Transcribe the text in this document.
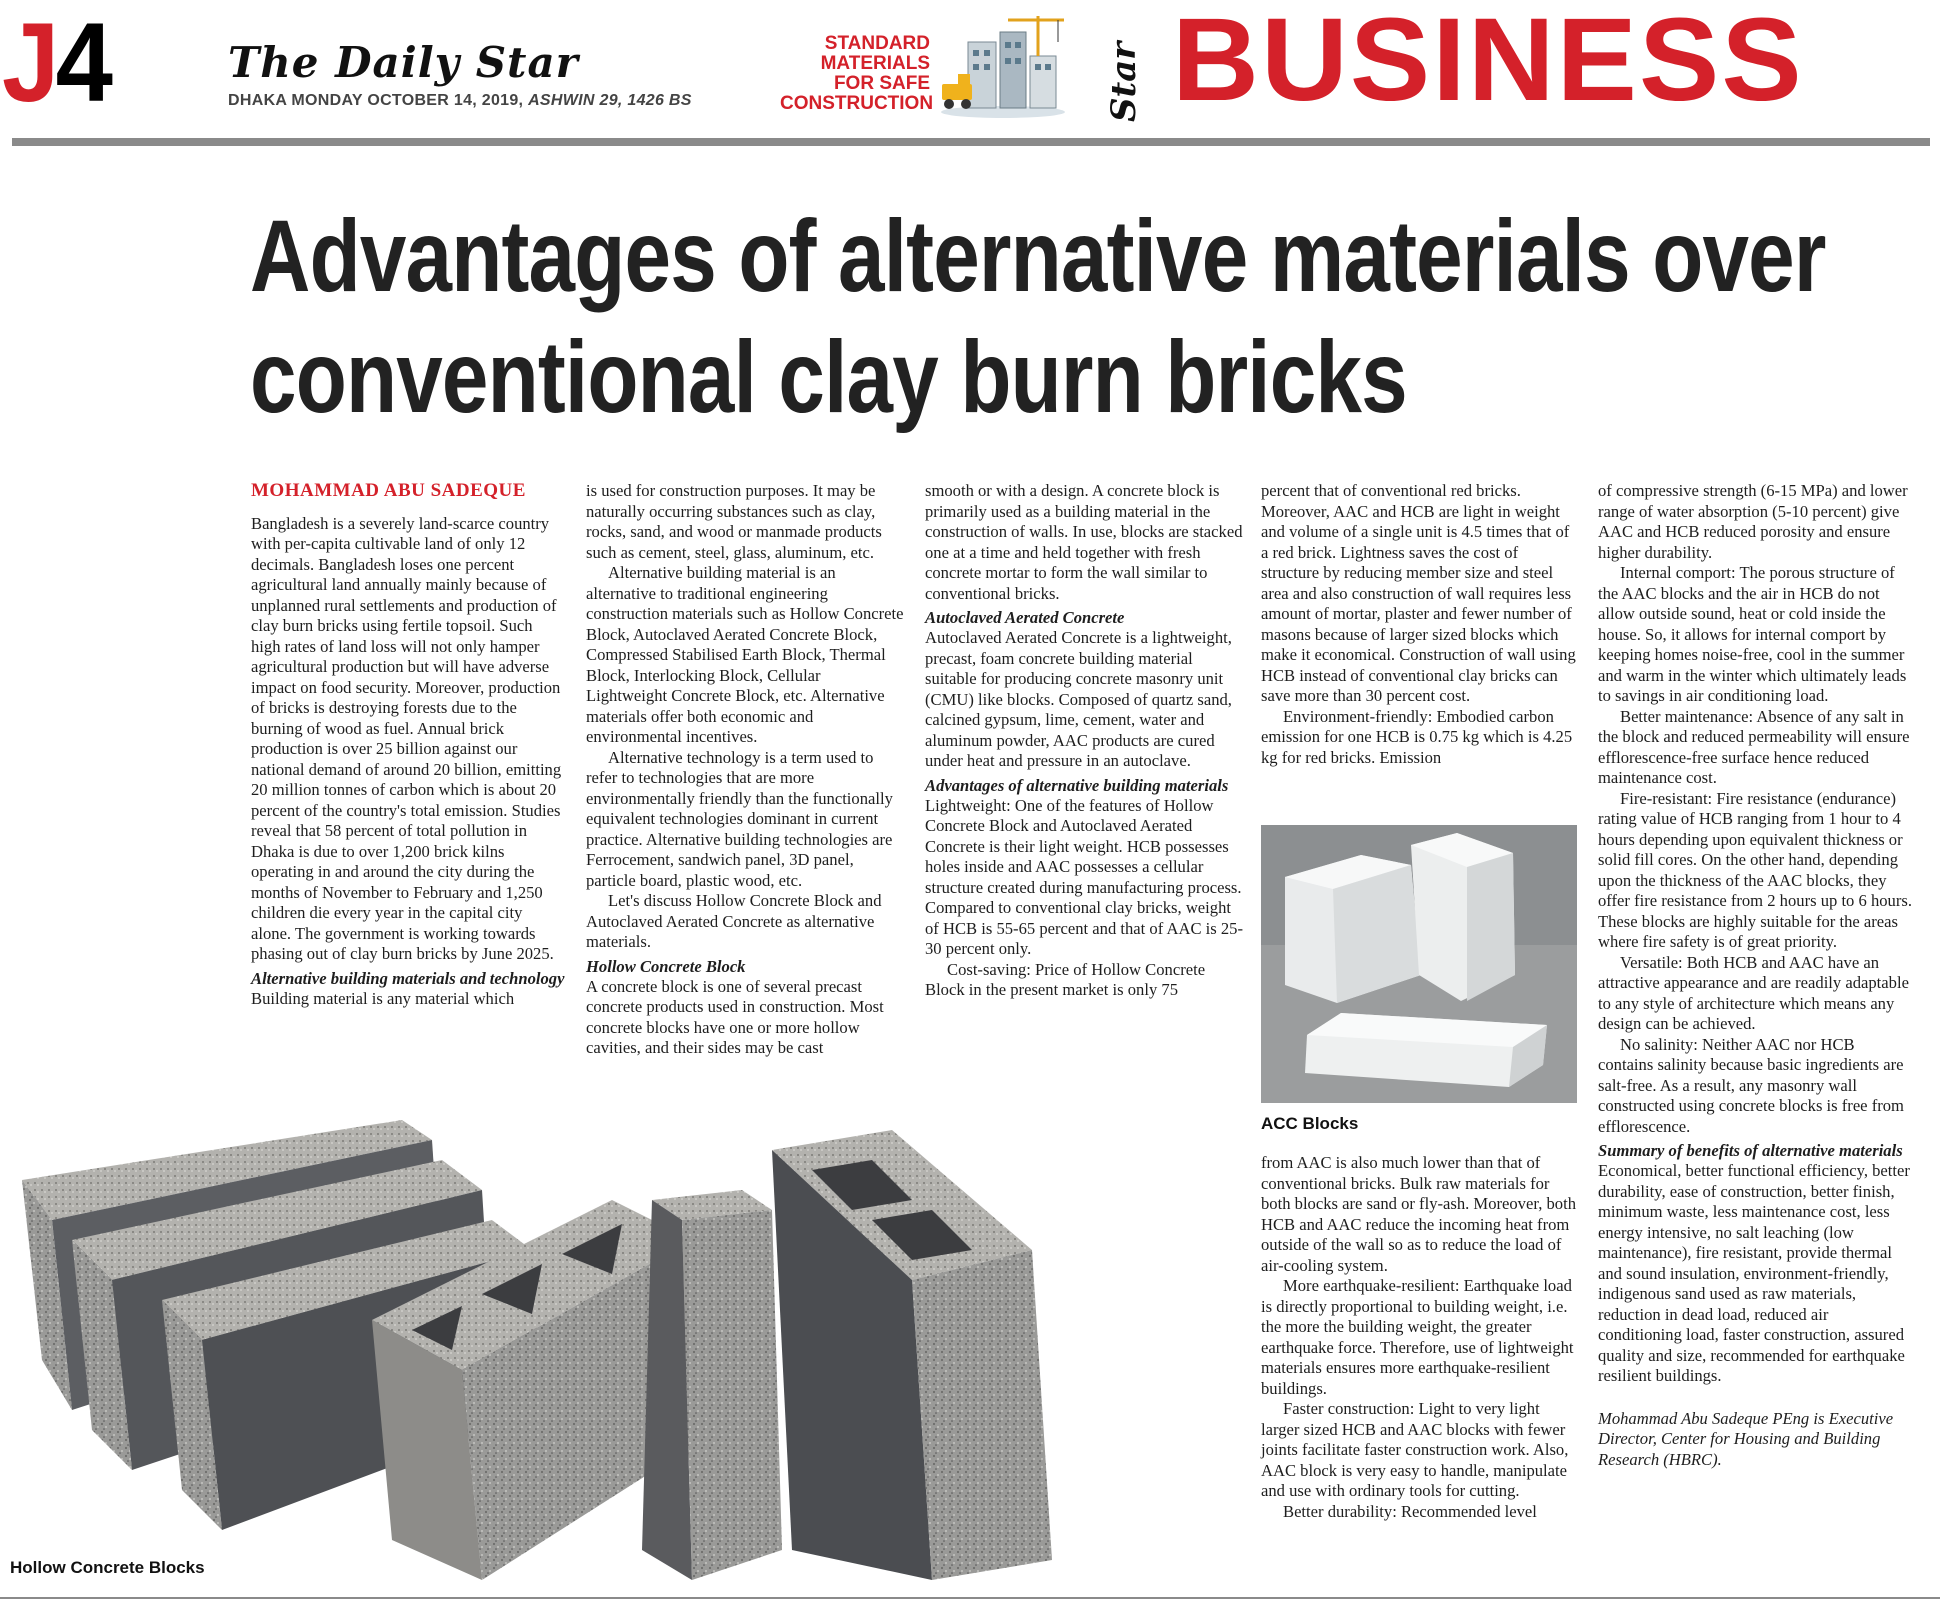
J4	The Daily Star
DHAKA MONDAY OCTOBER 14, 2019, ASHWIN 29, 1426 BS
STANDARD
MATERIALS
FOR SAFE
CONSTRUCTION	Star BUSINESS
Advantages of alternative materials over
conventional clay burn bricks

MOHAMMAD ABU SADEQUE

Bangladesh is a severely land-scarce country with per-capita cultivable land of only 12 decimals. Bangladesh loses one percent agricultural land annually mainly because of unplanned rural settlements and production of clay burn bricks using fertile topsoil. Such high rates of land loss will not only hamper agricultural production but will have adverse impact on food security. Moreover, production of bricks is destroying forests due to the burning of wood as fuel. Annual brick production is over 25 billion against our national demand of around 20 billion, emitting 20 million tonnes of carbon which is about 20 percent of the country's total emission. Studies reveal that 58 percent of total pollution in Dhaka is due to over 1,200 brick kilns operating in and around the city during the months of November to February and 1,250 children die every year in the capital city alone. The government is working towards phasing out of clay burn bricks by June 2025.

Alternative building materials and technology

Building material is any material which

is used for construction purposes. It may be naturally occurring substances such as clay, rocks, sand, and wood or manmade products such as cement, steel, glass, aluminum, etc.

Alternative building material is an alternative to traditional engineering construction materials such as Hollow Concrete Block, Autoclaved Aerated Concrete Block, Compressed Stabilised Earth Block, Thermal Block, Interlocking Block, Cellular Lightweight Concrete Block, etc. Alternative materials offer both economic and environmental incentives.

Alternative technology is a term used to refer to technologies that are more environmentally friendly than the functionally equivalent technologies dominant in current practice. Alternative building technologies are Ferrocement, sandwich panel, 3D panel, particle board, plastic wood, etc.

Let's discuss Hollow Concrete Block and Autoclaved Aerated Concrete as alternative materials.

Hollow Concrete Block

A concrete block is one of several precast concrete products used in construction. Most concrete blocks have one or more hollow cavities, and their sides may be cast

smooth or with a design. A concrete block is primarily used as a building material in the construction of walls. In use, blocks are stacked one at a time and held together with fresh concrete mortar to form the wall similar to conventional bricks.

Autoclaved Aerated Concrete

Autoclaved Aerated Concrete is a lightweight, precast, foam concrete building material suitable for producing concrete masonry unit (CMU) like blocks. Composed of quartz sand, calcined gypsum, lime, cement, water and aluminum powder, AAC products are cured under heat and pressure in an autoclave.

Advantages of alternative building materials

Lightweight: One of the features of Hollow Concrete Block and Autoclaved Aerated Concrete is their light weight. HCB possesses holes inside and AAC possesses a cellular structure created during manufacturing process. Compared to conventional clay bricks, weight of HCB is 55-65 percent and that of AAC is 25-30 percent only.

Cost-saving: Price of Hollow Concrete Block in the present market is only 75

percent that of conventional red bricks. Moreover, AAC and HCB are light in weight and volume of a single unit is 4.5 times that of a red brick. Lightness saves the cost of structure by reducing member size and steel area and also construction of wall requires less amount of mortar, plaster and fewer number of masons because of larger sized blocks which make it economical. Construction of wall using HCB instead of conventional clay bricks can save more than 30 percent cost.

Environment-friendly: Embodied carbon emission for one HCB is 0.75 kg which is 4.25 kg for red bricks. Emission

ACC Blocks

from AAC is also much lower than that of conventional bricks. Bulk raw materials for both blocks are sand or fly-ash. Moreover, both HCB and AAC reduce the incoming heat from outside of the wall so as to reduce the load of air-cooling system.

More earthquake-resilient: Earthquake load is directly proportional to building weight, i.e. the more the building weight, the greater earthquake force. Therefore, use of lightweight materials ensures more earthquake-resilient buildings.

Faster construction: Light to very light larger sized HCB and AAC blocks with fewer joints facilitate faster construction work. Also, AAC block is very easy to handle, manipulate and use with ordinary tools for cutting.

Better durability: Recommended level

of compressive strength (6-15 MPa) and lower range of water absorption (5-10 percent) give AAC and HCB reduced porosity and ensure higher durability.

Internal comport: The porous structure of the AAC blocks and the air in HCB do not allow outside sound, heat or cold inside the house. So, it allows for internal comport by keeping homes noise-free, cool in the summer and warm in the winter which ultimately leads to savings in air conditioning load.

Better maintenance: Absence of any salt in the block and reduced permeability will ensure efflorescence-free surface hence reduced maintenance cost.

Fire-resistant: Fire resistance (endurance) rating value of HCB ranging from 1 hour to 4 hours depending upon equivalent thickness or solid fill cores. On the other hand, depending upon the thickness of the AAC blocks, they offer fire resistance from 2 hours up to 6 hours. These blocks are highly suitable for the areas where fire safety is of great priority.

Versatile: Both HCB and AAC have an attractive appearance and are readily adaptable to any style of architecture which means any design can be achieved.

No salinity: Neither AAC nor HCB contains salinity because basic ingredients are salt-free. As a result, any masonry wall constructed using concrete blocks is free from efflorescence.

Summary of benefits of alternative materials

Economical, better functional efficiency, better durability, ease of construction, better finish, minimum waste, less maintenance cost, less energy intensive, no salt leaching (low maintenance), fire resistant, provide thermal and sound insulation, environment-friendly, indigenous sand used as raw materials, reduction in dead load, reduced air conditioning load, faster construction, assured quality and size, recommended for earthquake resilient buildings.

Mohammad Abu Sadeque PEng is Executive Director, Center for Housing and Building Research (HBRC).

Hollow Concrete Blocks
